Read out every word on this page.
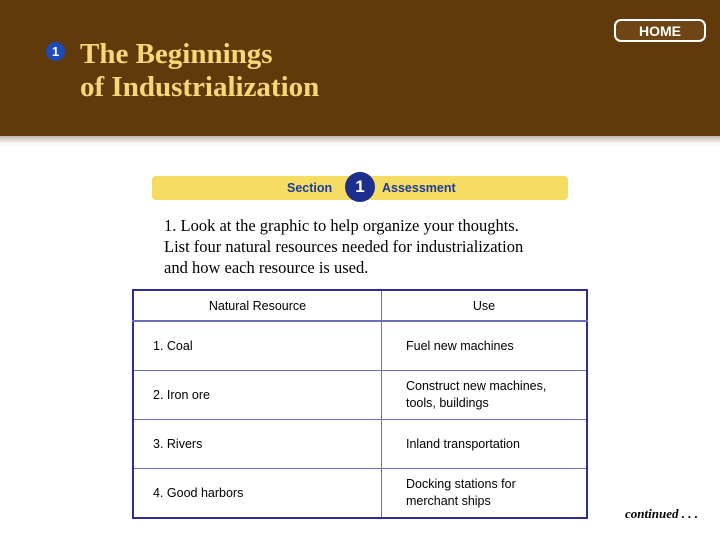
HOME
1 The Beginnings
of Industrialization
Section	Assessment
1
1. Look at the graphic to help organize your thoughts.
List four natural resources needed for industrialization
and how each resource is used.
Natural Resource	Use
1. Coal	Fuel new machines

2. Iron ore	Construct new machines,
tools, buildings

3. Rivers	Inland transportation

4. Good harbors	Docking stations for
merchant ships
continued . . .
